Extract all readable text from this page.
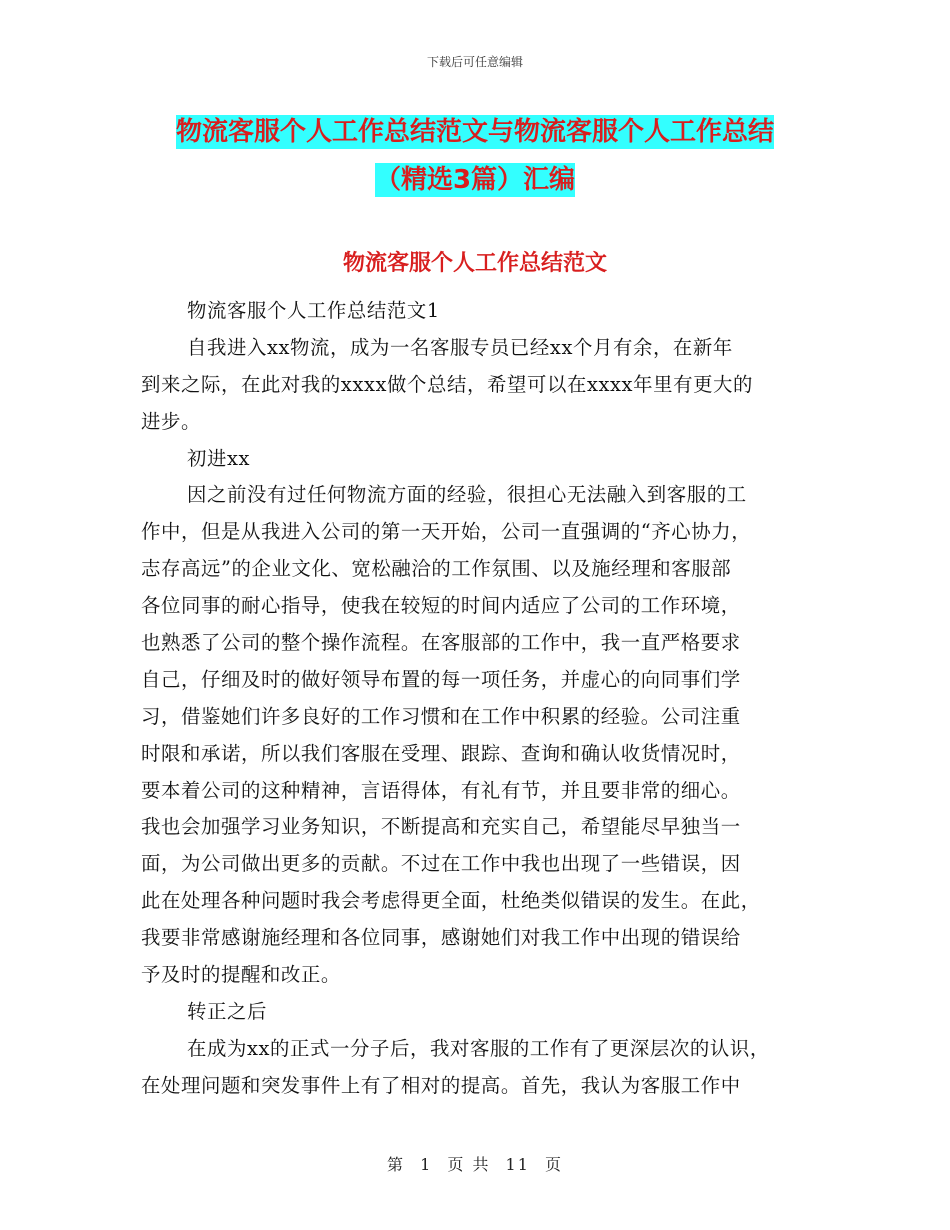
下载后可任意编辑
物流客服个人工作总结范文与物流客服个人工作总结
（精选3篇）汇编
物流客服个人工作总结范文
物流客服个人工作总结范文1
自我进入xx物流，成为一名客服专员已经xx个月有余，在新年
到来之际，在此对我的xxxx做个总结，希望可以在xxxx年里有更大的
进步。
初进xx
因之前没有过任何物流方面的经验，很担心无法融入到客服的工
作中，但是从我进入公司的第一天开始，公司一直强调的“齐心协力，
志存高远”的企业文化、宽松融洽的工作氛围、以及施经理和客服部
各位同事的耐心指导，使我在较短的时间内适应了公司的工作环境，
也熟悉了公司的整个操作流程。在客服部的工作中，我一直严格要求
自己，仔细及时的做好领导布置的每一项任务，并虚心的向同事们学
习，借鉴她们许多良好的工作习惯和在工作中积累的经验。公司注重
时限和承诺，所以我们客服在受理、跟踪、查询和确认收货情况时，
要本着公司的这种精神，言语得体，有礼有节，并且要非常的细心。
我也会加强学习业务知识，不断提高和充实自己，希望能尽早独当一
面，为公司做出更多的贡献。不过在工作中我也出现了一些错误，因
此在处理各种问题时我会考虑得更全面，杜绝类似错误的发生。在此，
我要非常感谢施经理和各位同事，感谢她们对我工作中出现的错误给
予及时的提醒和改正。
转正之后
在成为xx的正式一分子后，我对客服的工作有了更深层次的认识，
在处理问题和突发事件上有了相对的提高。首先，我认为客服工作中
第 1 页 共 11 页
